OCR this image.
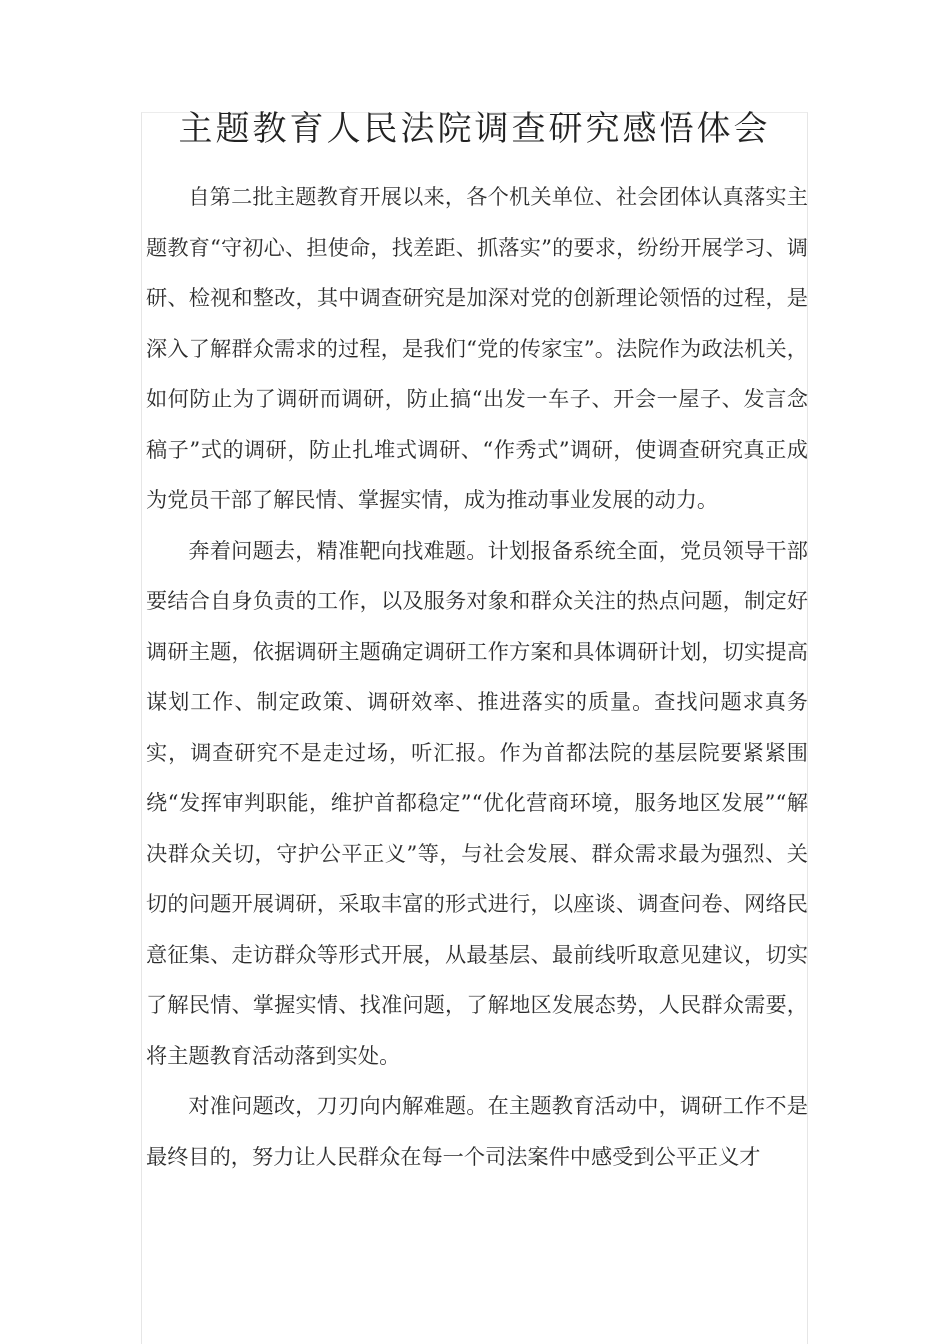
主题教育人民法院调查研究感悟体会

自第二批主题教育开展以来，各个机关单位、社会团体认真落实主题教育“守初心、担使命，找差距、抓落实”的要求，纷纷开展学习、调研、检视和整改，其中调查研究是加深对党的创新理论领悟的过程，是深入了解群众需求的过程，是我们“党的传家宝”。法院作为政法机关，如何防止为了调研而调研，防止搞“出发一车子、开会一屋子、发言念稿子”式的调研，防止扎堆式调研、“作秀式”调研，使调查研究真正成为党员干部了解民情、掌握实情，成为推动事业发展的动力。

奔着问题去，精准靶向找难题。计划报备系统全面，党员领导干部要结合自身负责的工作，以及服务对象和群众关注的热点问题，制定好调研主题，依据调研主题确定调研工作方案和具体调研计划，切实提高谋划工作、制定政策、调研效率、推进落实的质量。查找问题求真务实，调查研究不是走过场，听汇报。作为首都法院的基层院要紧紧围绕“发挥审判职能，维护首都稳定”“优化营商环境，服务地区发展”“解决群众关切，守护公平正义”等，与社会发展、群众需求最为强烈、关切的问题开展调研，采取丰富的形式进行，以座谈、调查问卷、网络民意征集、走访群众等形式开展，从最基层、最前线听取意见建议，切实了解民情、掌握实情、找准问题，了解地区发展态势，人民群众需要，将主题教育活动落到实处。

对准问题改，刀刃向内解难题。在主题教育活动中，调研工作不是最终目的，努力让人民群众在每一个司法案件中感受到公平正义才
